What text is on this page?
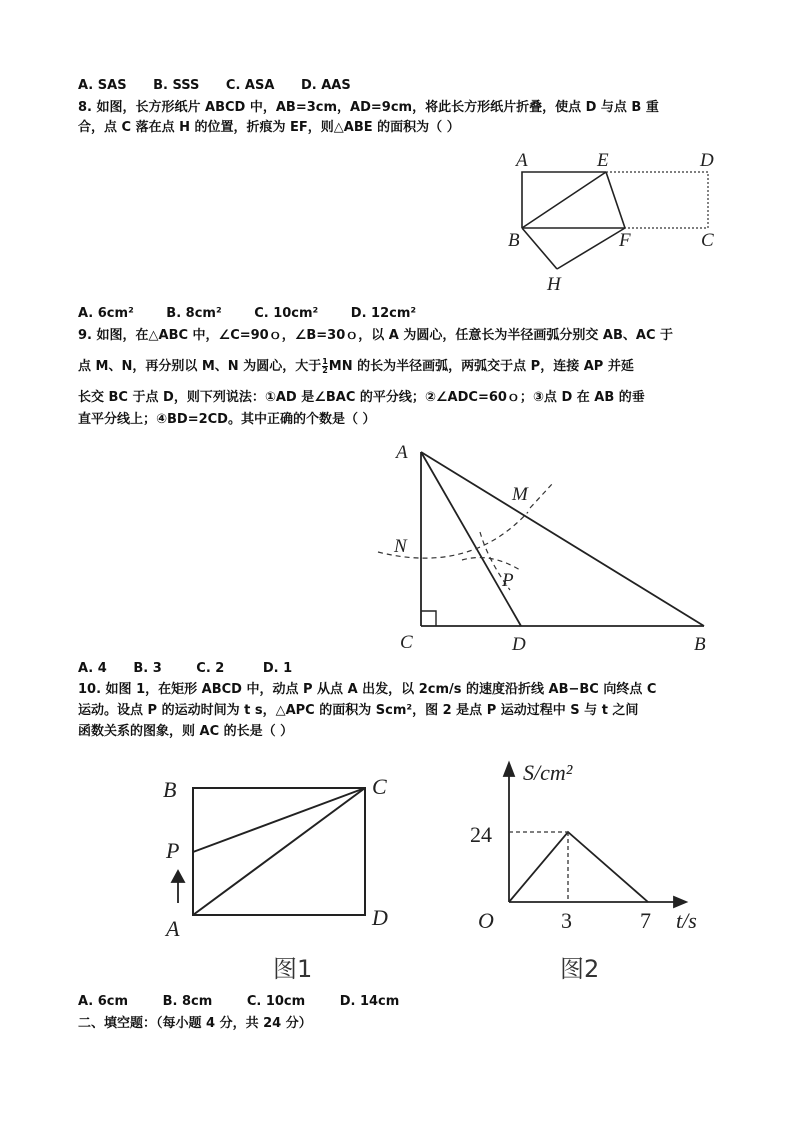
A. SAS B. SSS C. ASA D. AAS
8. 如图，长方形纸片 ABCD 中，AB=3cm，AD=9cm，将此长方形纸片折叠，使点 D 与点 B 重
合，点 C 落在点 H 的位置，折痕为 EF，则△ABE 的面积为（ ）
A	E	D
B	F	C
H
A. 6cm²	B. 8cm²	C. 10cm²	D. 12cm²
9. 如图，在△ABC 中，∠C=90ｏ，∠B=30ｏ，以 A 为圆心，任意长为半径画弧分别交 AB、AC 于
点 M、N，再分别以 M、N 为圆心，大于 $\frac{1}{2}$ MN 的长为半径画弧，两弧交于点 P，连接 AP 并延
长交 BC 于点 D，则下列说法：①AD 是∠BAC 的平分线；②∠ADC=60ｏ；③点 D 在 AB 的垂
直平分线上；④BD=2CD。其中正确的个数是（ ）
A
M
N
P
C	D	B
A. 4 B. 3	C. 2	D. 1
10. 如图 1，在矩形 ABCD 中，动点 P 从点 A 出发，以 2cm/s 的速度沿折线 AB−BC 向终点 C
运动。设点 P 的运动时间为 t s，△APC 的面积为 Scm²，图 2 是点 P 运动过程中 S 与 t 之间
函数关系的图象，则 AC 的长是（ ）
B	C
P
A	D
图1
S/cm²
24
O	3	7 t/s
图2
A. 6cm	B. 8cm	C. 10cm	D. 14cm
二、填空题：（每小题 4 分，共 24 分）
